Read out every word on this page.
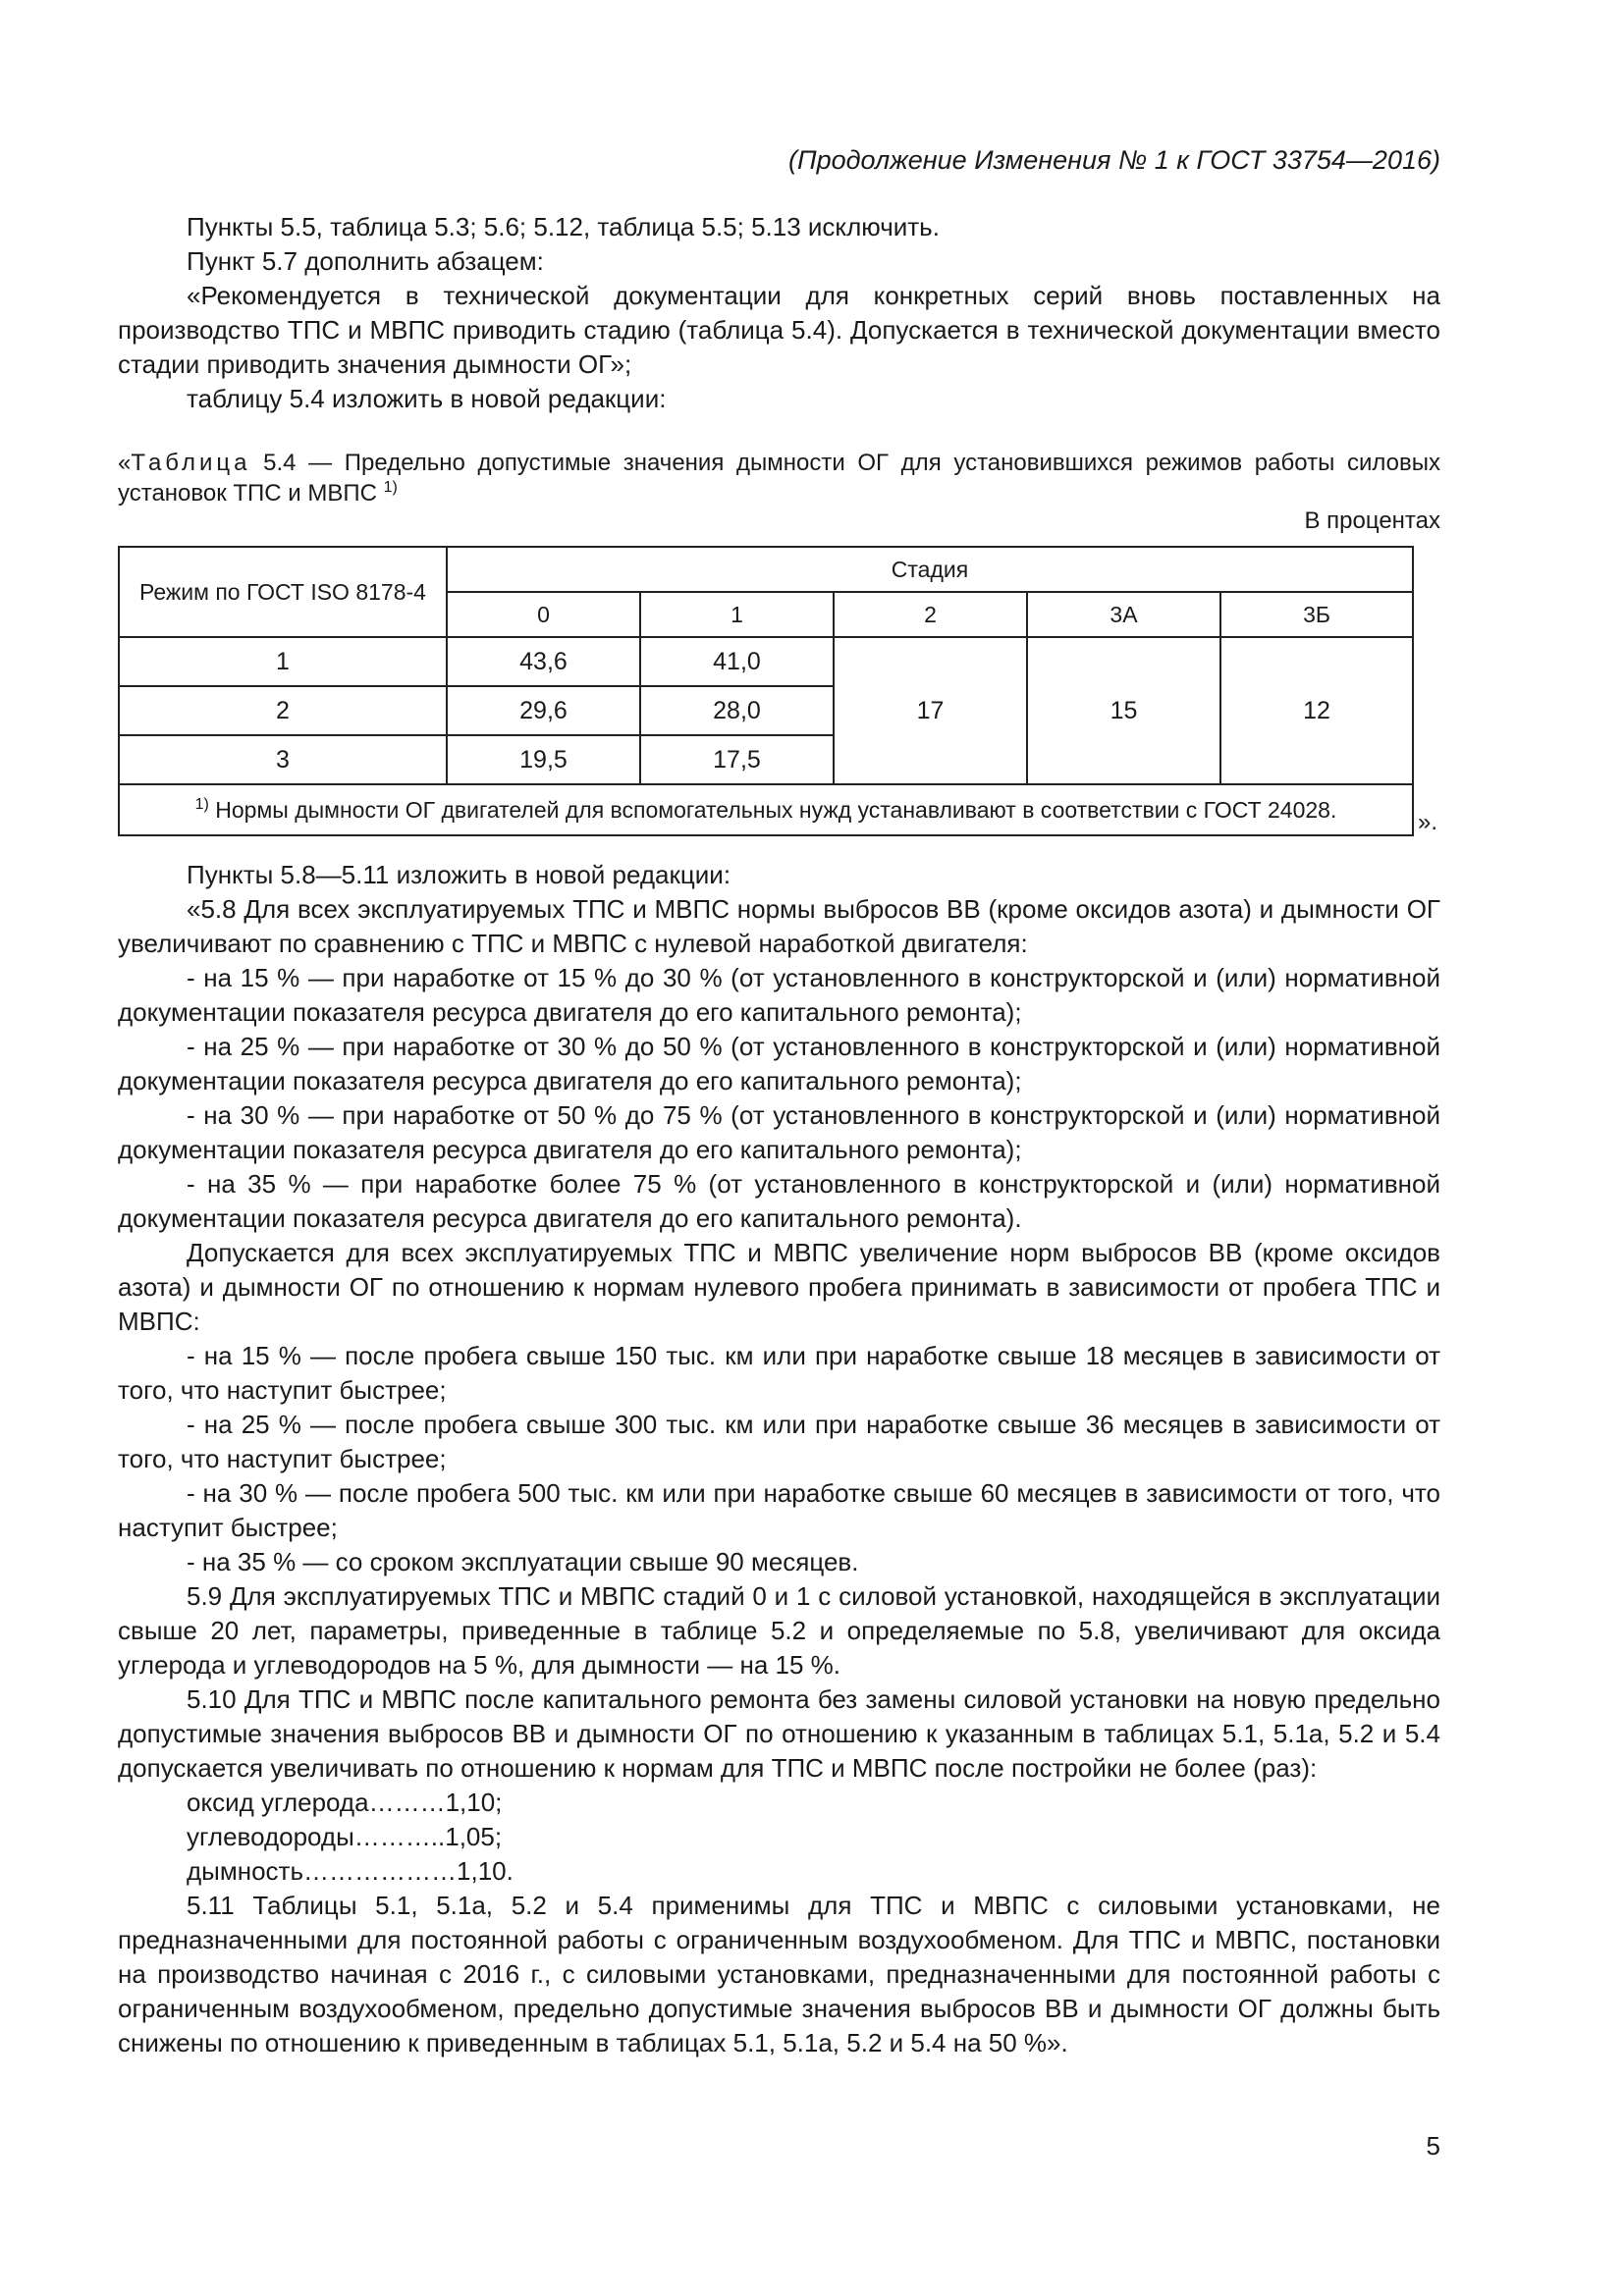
(Продолжение Изменения № 1 к ГОСТ 33754—2016)

Пункты 5.5, таблица 5.3; 5.6; 5.12, таблица 5.5; 5.13 исключить.

Пункт 5.7 дополнить абзацем:

«Рекомендуется в технической документации для конкретных серий вновь поставленных на производство ТПС и МВПС приводить стадию (таблица 5.4). Допускается в технической документации вместо стадии приводить значения дымности ОГ»;

таблицу 5.4 изложить в новой редакции:

«Таблица 5.4 — Предельно допустимые значения дымности ОГ для установившихся режимов работы силовых установок ТПС и МВПС $^{1)}$
В процентах
Режим по ГОСТ ISO 8178-4	Стадия				
	0	1	2	3А	3Б
1	43,6	41,0	17	15	12
2	29,6	28,0			
3	19,5	17,5			
$^{1)}$ Нормы дымности ОГ двигателей для вспомогательных нужд устанавливают в соответствии с ГОСТ 24028.						».

Пункты 5.8—5.11 изложить в новой редакции:

«5.8 Для всех эксплуатируемых ТПС и МВПС нормы выбросов ВВ (кроме оксидов азота) и дымности ОГ увеличивают по сравнению с ТПС и МВПС с нулевой наработкой двигателя:

- на 15 % — при наработке от 15 % до 30 % (от установленного в конструкторской и (или) нормативной документации показателя ресурса двигателя до его капитального ремонта);

- на 25 % — при наработке от 30 % до 50 % (от установленного в конструкторской и (или) нормативной документации показателя ресурса двигателя до его капитального ремонта);

- на 30 % — при наработке от 50 % до 75 % (от установленного в конструкторской и (или) нормативной документации показателя ресурса двигателя до его капитального ремонта);

- на 35 % — при наработке более 75 % (от установленного в конструкторской и (или) нормативной документации показателя ресурса двигателя до его капитального ремонта).

Допускается для всех эксплуатируемых ТПС и МВПС увеличение норм выбросов ВВ (кроме оксидов азота) и дымности ОГ по отношению к нормам нулевого пробега принимать в зависимости от пробега ТПС и МВПС:

- на 15 % — после пробега свыше 150 тыс. км или при наработке свыше 18 месяцев в зависимости от того, что наступит быстрее;

- на 25 % — после пробега свыше 300 тыс. км или при наработке свыше 36 месяцев в зависимости от того, что наступит быстрее;

- на 30 % — после пробега 500 тыс. км или при наработке свыше 60 месяцев в зависимости от того, что наступит быстрее;

- на 35 % — со сроком эксплуатации свыше 90 месяцев.

5.9 Для эксплуатируемых ТПС и МВПС стадий 0 и 1 с силовой установкой, находящейся в эксплуатации свыше 20 лет, параметры, приведенные в таблице 5.2 и определяемые по 5.8, увеличивают для оксида углерода и углеводородов на 5 %, для дымности — на 15 %.

5.10 Для ТПС и МВПС после капитального ремонта без замены силовой установки на новую предельно допустимые значения выбросов ВВ и дымности ОГ по отношению к указанным в таблицах 5.1, 5.1а, 5.2 и 5.4 допускается увеличивать по отношению к нормам для ТПС и МВПС после постройки не более (раз):

оксид углерода………1,10;

углеводороды………..1,05;

дымность………………1,10.

5.11 Таблицы 5.1, 5.1а, 5.2 и 5.4 применимы для ТПС и МВПС с силовыми установками, не предназначенными для постоянной работы с ограниченным воздухообменом. Для ТПС и МВПС, постановки на производство начиная с 2016 г., с силовыми установками, предназначенными для постоянной работы с ограниченным воздухообменом, предельно допустимые значения выбросов ВВ и дымности ОГ должны быть снижены по отношению к приведенным в таблицах 5.1, 5.1а, 5.2 и 5.4 на 50 %».

5
